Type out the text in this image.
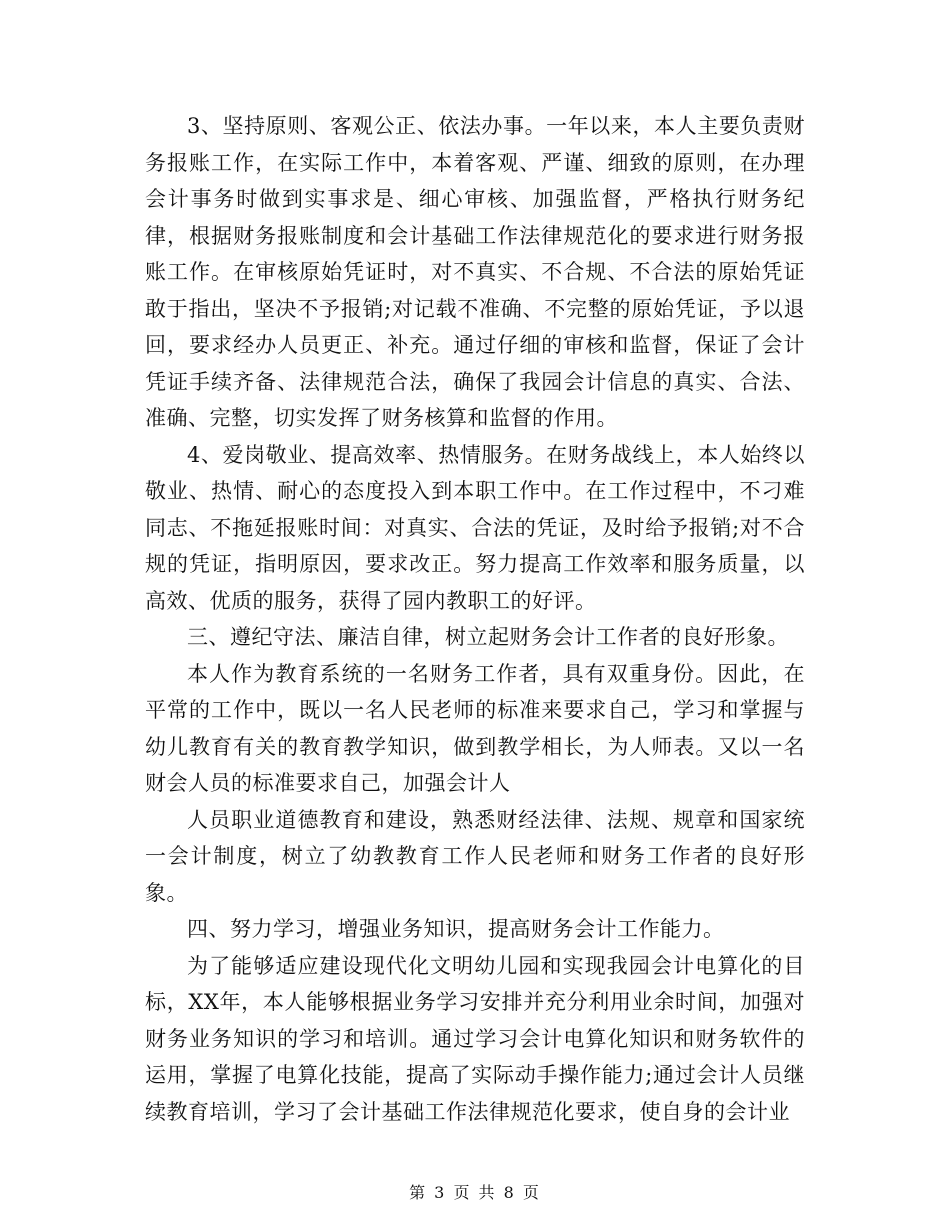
3、坚持原则、客观公正、依法办事。一年以来，本人主要负责财务报账工作，在实际工作中，本着客观、严谨、细致的原则，在办理会计事务时做到实事求是、细心审核、加强监督，严格执行财务纪律，根据财务报账制度和会计基础工作法律规范化的要求进行财务报账工作。在审核原始凭证时，对不真实、不合规、不合法的原始凭证敢于指出，坚决不予报销;对记载不准确、不完整的原始凭证，予以退回，要求经办人员更正、补充。通过仔细的审核和监督，保证了会计凭证手续齐备、法律规范合法，确保了我园会计信息的真实、合法、准确、完整，切实发挥了财务核算和监督的作用。

4、爱岗敬业、提高效率、热情服务。在财务战线上，本人始终以敬业、热情、耐心的态度投入到本职工作中。在工作过程中，不刁难同志、不拖延报账时间：对真实、合法的凭证，及时给予报销;对不合规的凭证，指明原因，要求改正。努力提高工作效率和服务质量，以高效、优质的服务，获得了园内教职工的好评。

三、遵纪守法、廉洁自律，树立起财务会计工作者的良好形象。

本人作为教育系统的一名财务工作者，具有双重身份。因此，在平常的工作中，既以一名人民老师的标准来要求自己，学习和掌握与幼儿教育有关的教育教学知识，做到教学相长，为人师表。又以一名财会人员的标准要求自己，加强会计人

人员职业道德教育和建设，熟悉财经法律、法规、规章和国家统一会计制度，树立了幼教教育工作人民老师和财务工作者的良好形象。

四、努力学习，增强业务知识，提高财务会计工作能力。

为了能够适应建设现代化文明幼儿园和实现我园会计电算化的目标，XX年，本人能够根据业务学习安排并充分利用业余时间，加强对财务业务知识的学习和培训。通过学习会计电算化知识和财务软件的运用，掌握了电算化技能，提高了实际动手操作能力;通过会计人员继续教育培训，学习了会计基础工作法律规范化要求，使自身的会计业

第 3 页 共 8 页
